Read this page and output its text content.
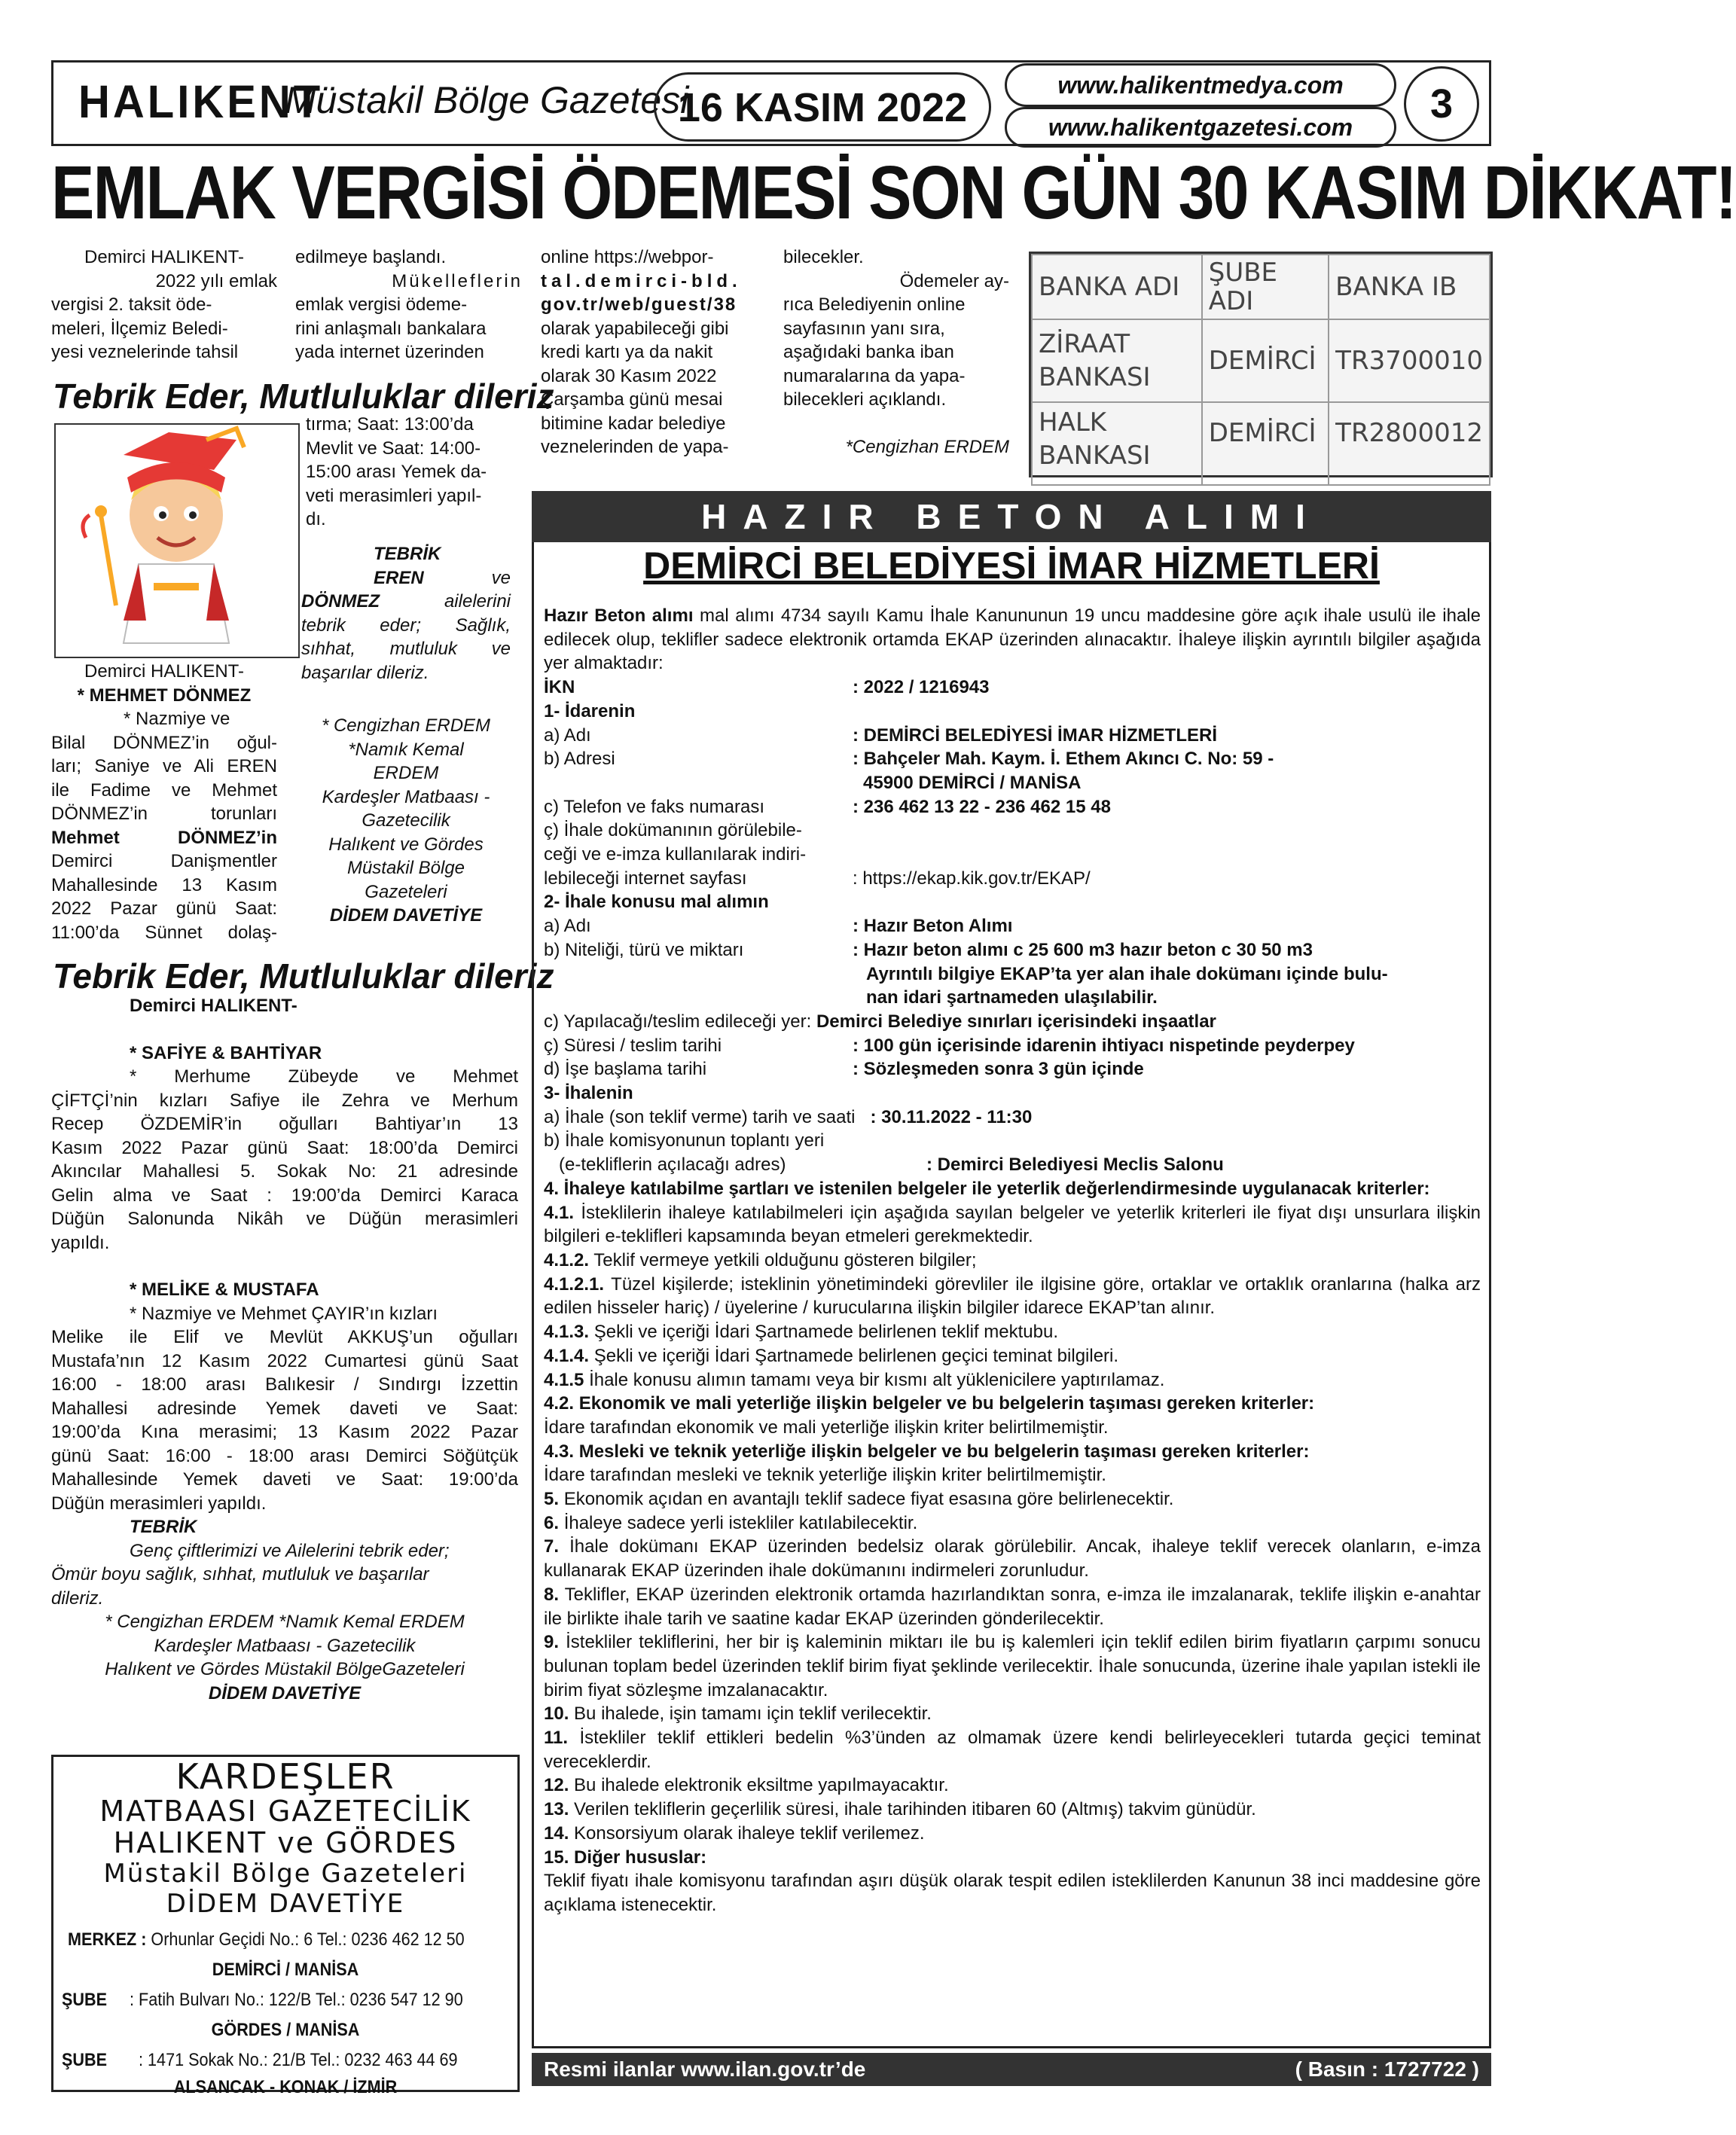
HALIKENT
Müstakil Bölge Gazetesi
16 KASIM 2022	www.halikentmedya.com
www.halikentgazetesi.com
3
EMLAK VERGİSİ ÖDEMESİ SON GÜN 30 KASIM DİKKAT!
Demirci HALIKENT-
2022 yılı emlak
vergisi 2. taksit öde-
meleri, İlçemiz Beledi-
yesi veznelerinde tahsil
edilmeye başlandı.
Mükelleflerin
emlak vergisi ödeme-
rini anlaşmalı bankalara
yada internet üzerinden
online https://webpor-
tal.demirci-bld.
gov.tr/web/guest/38
olarak yapabileceği gibi
kredi kartı ya da nakit
olarak 30 Kasım 2022
Çarşamba günü mesai
bitimine kadar belediye
veznelerinden de yapa-
bilecekler.
Ödemeler ay-
rıca Belediyenin online
sayfasının yanı sıra,
aşağıdaki banka iban
numaralarına da yapa-
bilecekleri açıklandı.
*Cengizhan ERDEM
BANKA ADI	ŞUBE ADI	BANKA IB
ZİRAAT BANKASI	DEMİRCİ	TR3700010
HALK BANKASI	DEMİRCİ	TR2800012
Tebrik Eder, Mutluluklar dileriz
tırma; Saat: 13:00’da
Mevlit ve Saat: 14:00-
15:00 arası Yemek da-
veti merasimleri yapıl-
dı.
TEBRİK
EREN	ve
DÖNMEZ	ailelerini
tebrik eder; Sağlık,
sıhhat, mutluluk ve
başarılar dileriz.
* Cengizhan ERDEM
*Namık Kemal
ERDEM
Kardeşler Matbaası -
Gazetecilik
Halıkent ve Gördes
Müstakil Bölge
Gazeteleri
DİDEM DAVETİYE
Demirci HALIKENT-
* MEHMET DÖNMEZ
* Nazmiye ve
Bilal DÖNMEZ’in oğul-
ları; Saniye ve Ali EREN
ile Fadime ve Mehmet
DÖNMEZ’in torunları
Mehmet DÖNMEZ’in
Demirci Danişmentler
Mahallesinde 13 Kasım
2022 Pazar günü Saat:
11:00’da Sünnet dolaş-
Tebrik Eder, Mutluluklar dileriz
Demirci HALIKENT-
* SAFİYE & BAHTİYAR
* Merhume Zübeyde ve Mehmet
ÇİFTÇİ’nin kızları Safiye ile Zehra ve Merhum
Recep ÖZDEMİR’in oğulları Bahtiyar’ın 13
Kasım 2022 Pazar günü Saat: 18:00’da Demirci
Akıncılar Mahallesi 5. Sokak No: 21 adresinde
Gelin alma ve Saat : 19:00’da Demirci Karaca
Düğün Salonunda Nikâh ve Düğün merasimleri
yapıldı.
* MELİKE & MUSTAFA
* Nazmiye ve Mehmet ÇAYIR’ın kızları
Melike ile Elif ve Mevlüt AKKUŞ’un oğulları
Mustafa’nın 12 Kasım 2022 Cumartesi günü Saat
16:00 - 18:00 arası Balıkesir / Sındırgı İzzettin
Mahallesi adresinde Yemek daveti ve Saat:
19:00’da Kına merasimi; 13 Kasım 2022 Pazar
günü Saat: 16:00 - 18:00 arası Demirci Söğütçük
Mahallesinde Yemek daveti ve Saat: 19:00’da
Düğün merasimleri yapıldı.
TEBRİK
Genç çiftlerimizi ve Ailelerini tebrik eder;
Ömür boyu sağlık, sıhhat, mutluluk ve başarılar
dileriz.
* Cengizhan ERDEM *Namık Kemal ERDEM
Kardeşler Matbaası - Gazetecilik
Halıkent ve Gördes Müstakil BölgeGazeteleri
DİDEM DAVETİYE
KARDEŞLER
MATBAASI GAZETECİLİK
HALIKENT ve GÖRDES
Müstakil Bölge Gazeteleri
DİDEM DAVETİYE
MERKEZ : Orhunlar Geçidi No.: 6 Tel.: 0236 462 12 50
DEMİRCİ / MANİSA
ŞUBE : Fatih Bulvarı No.: 122/B Tel.: 0236 547 12 90
GÖRDES / MANİSA
ŞUBE : 1471 Sokak No.: 21/B Tel.: 0232 463 44 69
ALSANCAK - KONAK / İZMİR
HAZIR BETON ALIMI
DEMİRCİ BELEDİYESİ İMAR HİZMETLERİ
Hazır Beton alımı mal alımı 4734 sayılı Kamu İhale Kanununun 19 uncu maddesine göre açık ihale usulü ile ihale edilecek olup, teklifler sadece elektronik ortamda EKAP üzerinden alınacaktır. İhaleye ilişkin ayrıntılı bilgiler aşağıda yer almaktadır:
İKN	: 2022 / 1216943
1- İdarenin
a) Adı	: DEMİRCİ BELEDİYESİ İMAR HİZMETLERİ
b) Adresi	: Bahçeler Mah. Kaym. İ. Ethem Akıncı C. No: 59 -
45900 DEMİRCİ / MANİSA
c) Telefon ve faks numarası	: 236 462 13 22 - 236 462 15 48
ç) İhale dokümanının görülebile-
ceği ve e-imza kullanılarak indiri-
lebileceği internet sayfası	: https://ekap.kik.gov.tr/EKAP/
2- İhale konusu mal alımın
a) Adı	: Hazır Beton Alımı
b) Niteliği, türü ve miktarı	: Hazır beton alımı c 25 600 m3 hazır beton c 30 50 m3
Ayrıntılı bilgiye EKAP’ta yer alan ihale dokümanı içinde bulu-
nan idari şartnameden ulaşılabilir.
c) Yapılacağı/teslim edileceği yer: Demirci Belediye sınırları içerisindeki inşaatlar
ç) Süresi / teslim tarihi	: 100 gün içerisinde idarenin ihtiyacı nispetinde peyderpey
d) İşe başlama tarihi	: Sözleşmeden sonra 3 gün içinde
3- İhalenin
a) İhale (son teklif verme) tarih ve saati : 30.11.2022 - 11:30
b) İhale komisyonunun toplantı yeri
(e-tekliflerin açılacağı adres)	: Demirci Belediyesi Meclis Salonu
4. İhaleye katılabilme şartları ve istenilen belgeler ile yeterlik değerlendirmesinde uygulanacak kriterler:
4.1. İsteklilerin ihaleye katılabilmeleri için aşağıda sayılan belgeler ve yeterlik kriterleri ile fiyat dışı unsurlara ilişkin bilgileri e-teklifleri kapsamında beyan etmeleri gerekmektedir.
4.1.2. Teklif vermeye yetkili olduğunu gösteren bilgiler;
4.1.2.1. Tüzel kişilerde; isteklinin yönetimindeki görevliler ile ilgisine göre, ortaklar ve ortaklık oranlarına (halka arz edilen hisseler hariç) / üyelerine / kurucularına ilişkin bilgiler idarece EKAP’tan alınır.
4.1.3. Şekli ve içeriği İdari Şartnamede belirlenen teklif mektubu.
4.1.4. Şekli ve içeriği İdari Şartnamede belirlenen geçici teminat bilgileri.
4.1.5 İhale konusu alımın tamamı veya bir kısmı alt yüklenicilere yaptırılamaz.
4.2. Ekonomik ve mali yeterliğe ilişkin belgeler ve bu belgelerin taşıması gereken kriterler:
İdare tarafından ekonomik ve mali yeterliğe ilişkin kriter belirtilmemiştir.
4.3. Mesleki ve teknik yeterliğe ilişkin belgeler ve bu belgelerin taşıması gereken kriterler:
İdare tarafından mesleki ve teknik yeterliğe ilişkin kriter belirtilmemiştir.
5. Ekonomik açıdan en avantajlı teklif sadece fiyat esasına göre belirlenecektir.
6. İhaleye sadece yerli istekliler katılabilecektir.
7. İhale dokümanı EKAP üzerinden bedelsiz olarak görülebilir. Ancak, ihaleye teklif verecek olanların, e-imza kullanarak EKAP üzerinden ihale dokümanını indirmeleri zorunludur.
8. Teklifler, EKAP üzerinden elektronik ortamda hazırlandıktan sonra, e-imza ile imzalanarak, teklife ilişkin e-anahtar ile birlikte ihale tarih ve saatine kadar EKAP üzerinden gönderilecektir.
9. İstekliler tekliflerini, her bir iş kaleminin miktarı ile bu iş kalemleri için teklif edilen birim fiyatların çarpımı sonucu bulunan toplam bedel üzerinden teklif birim fiyat şeklinde verilecektir. İhale sonucunda, üzerine ihale yapılan istekli ile birim fiyat sözleşme imzalanacaktır.
10. Bu ihalede, işin tamamı için teklif verilecektir.
11. İstekliler teklif ettikleri bedelin %3’ünden az olmamak üzere kendi belirleyecekleri tutarda geçici teminat vereceklerdir.
12. Bu ihalede elektronik eksiltme yapılmayacaktır.
13. Verilen tekliflerin geçerlilik süresi, ihale tarihinden itibaren 60 (Altmış) takvim günüdür.
14. Konsorsiyum olarak ihaleye teklif verilemez.
15. Diğer hususlar:
Teklif fiyatı ihale komisyonu tarafından aşırı düşük olarak tespit edilen isteklilerden Kanunun 38 inci maddesine göre açıklama istenecektir.
Resmi ilanlar www.ilan.gov.tr’de	( Basın : 1727722 )
